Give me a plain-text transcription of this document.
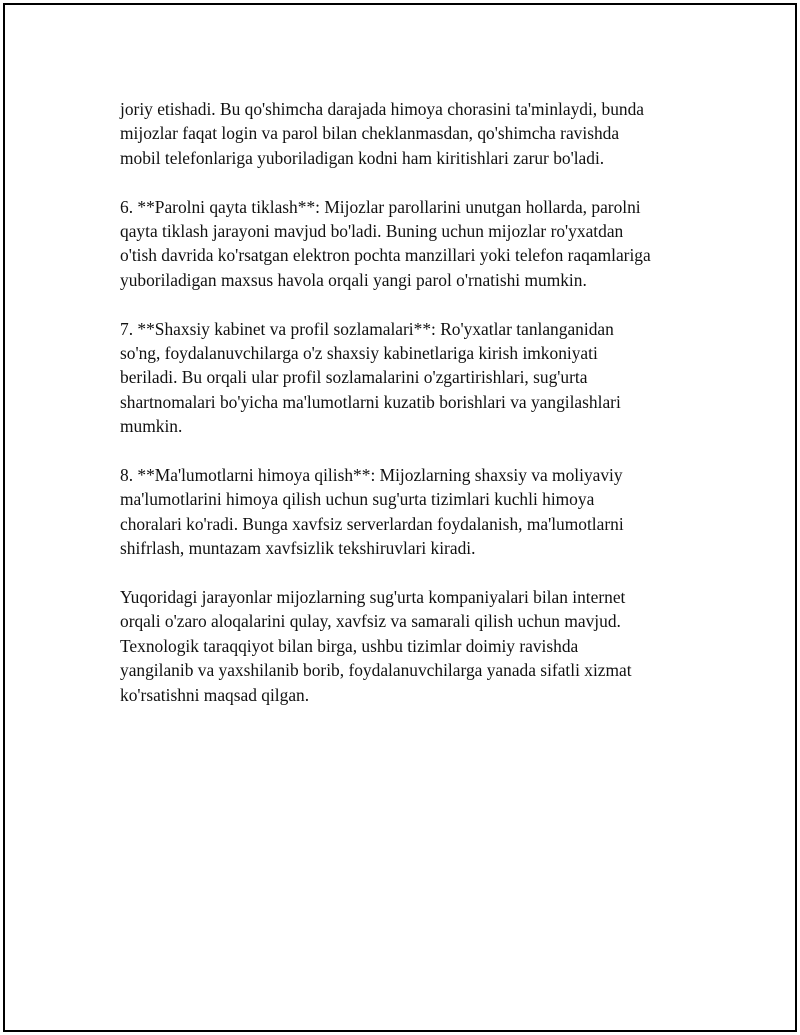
joriy etishadi. Bu qo'shimcha darajada himoya chorasini ta'minlaydi, bunda
mijozlar faqat login va parol bilan cheklanmasdan, qo'shimcha ravishda
mobil telefonlariga yuboriladigan kodni ham kiritishlari zarur bo'ladi.

6. **Parolni qayta tiklash**: Mijozlar parollarini unutgan hollarda, parolni
qayta tiklash jarayoni mavjud bo'ladi. Buning uchun mijozlar ro'yxatdan
o'tish davrida ko'rsatgan elektron pochta manzillari yoki telefon raqamlariga
yuboriladigan maxsus havola orqali yangi parol o'rnatishi mumkin.

7. **Shaxsiy kabinet va profil sozlamalari**: Ro'yxatlar tanlanganidan
so'ng, foydalanuvchilarga o'z shaxsiy kabinetlariga kirish imkoniyati
beriladi. Bu orqali ular profil sozlamalarini o'zgartirishlari, sug'urta
shartnomalari bo'yicha ma'lumotlarni kuzatib borishlari va yangilashlari
mumkin.

8. **Ma'lumotlarni himoya qilish**: Mijozlarning shaxsiy va moliyaviy
ma'lumotlarini himoya qilish uchun sug'urta tizimlari kuchli himoya
choralari ko'radi. Bunga xavfsiz serverlardan foydalanish, ma'lumotlarni
shifrlash, muntazam xavfsizlik tekshiruvlari kiradi.

Yuqoridagi jarayonlar mijozlarning sug'urta kompaniyalari bilan internet
orqali o'zaro aloqalarini qulay, xavfsiz va samarali qilish uchun mavjud.
Texnologik taraqqiyot bilan birga, ushbu tizimlar doimiy ravishda
yangilanib va yaxshilanib borib, foydalanuvchilarga yanada sifatli xizmat
ko'rsatishni maqsad qilgan.
